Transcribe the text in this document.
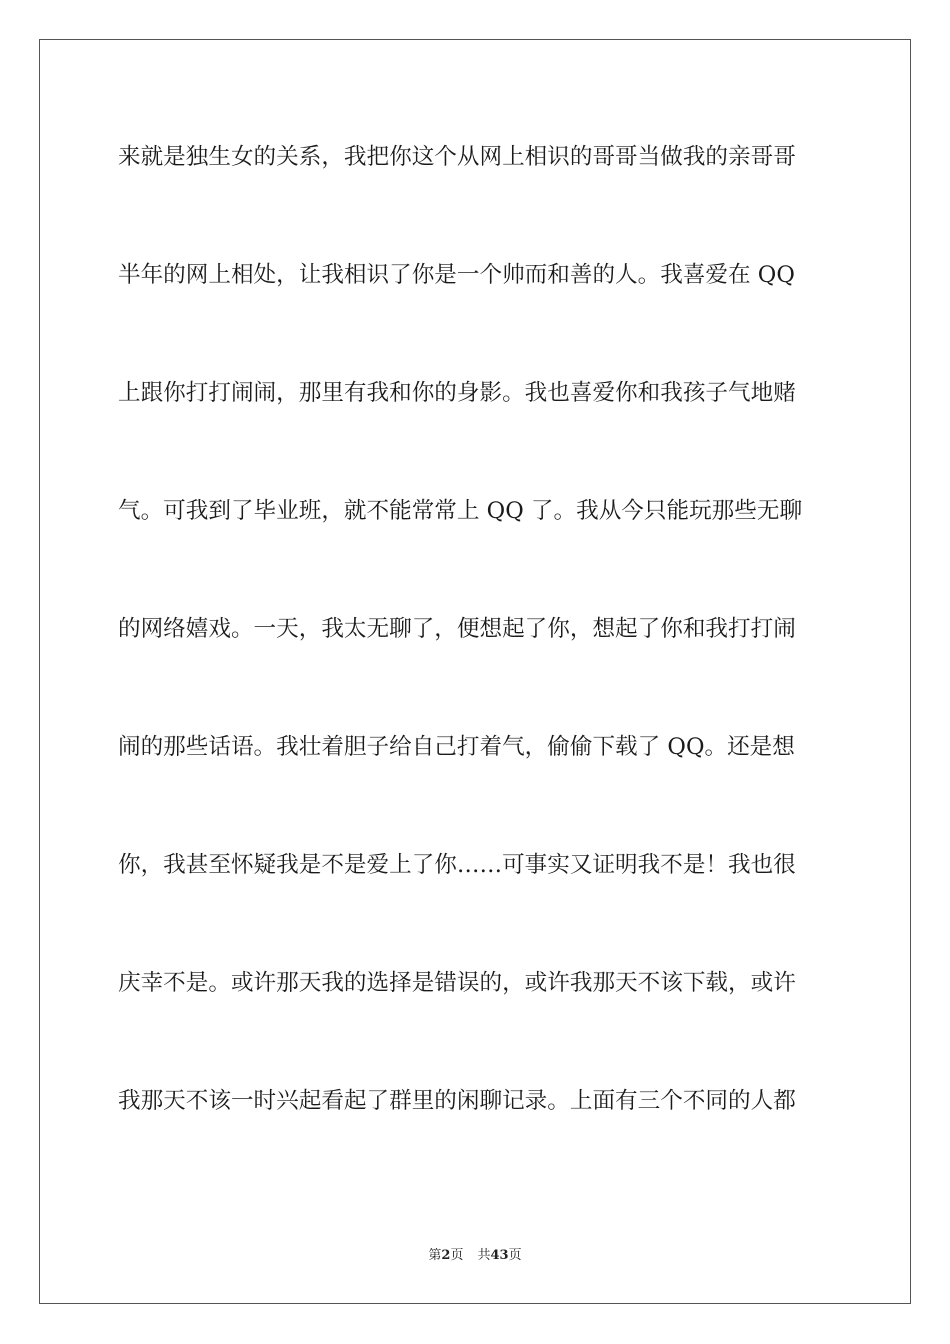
来就是独生女的关系，我把你这个从网上相识的哥哥当做我的亲哥哥
半年的网上相处，让我相识了你是一个帅而和善的人。我喜爱在 QQ
上跟你打打闹闹，那里有我和你的身影。我也喜爱你和我孩子气地赌
气。可我到了毕业班，就不能常常上 QQ 了。我从今只能玩那些无聊
的网络嬉戏。一天，我太无聊了，便想起了你，想起了你和我打打闹
闹的那些话语。我壮着胆子给自己打着气，偷偷下载了 QQ。还是想
你，我甚至怀疑我是不是爱上了你……可事实又证明我不是！我也很
庆幸不是。或许那天我的选择是错误的，或许我那天不该下载，或许
我那天不该一时兴起看起了群里的闲聊记录。上面有三个不同的人都
第2页 共43页
